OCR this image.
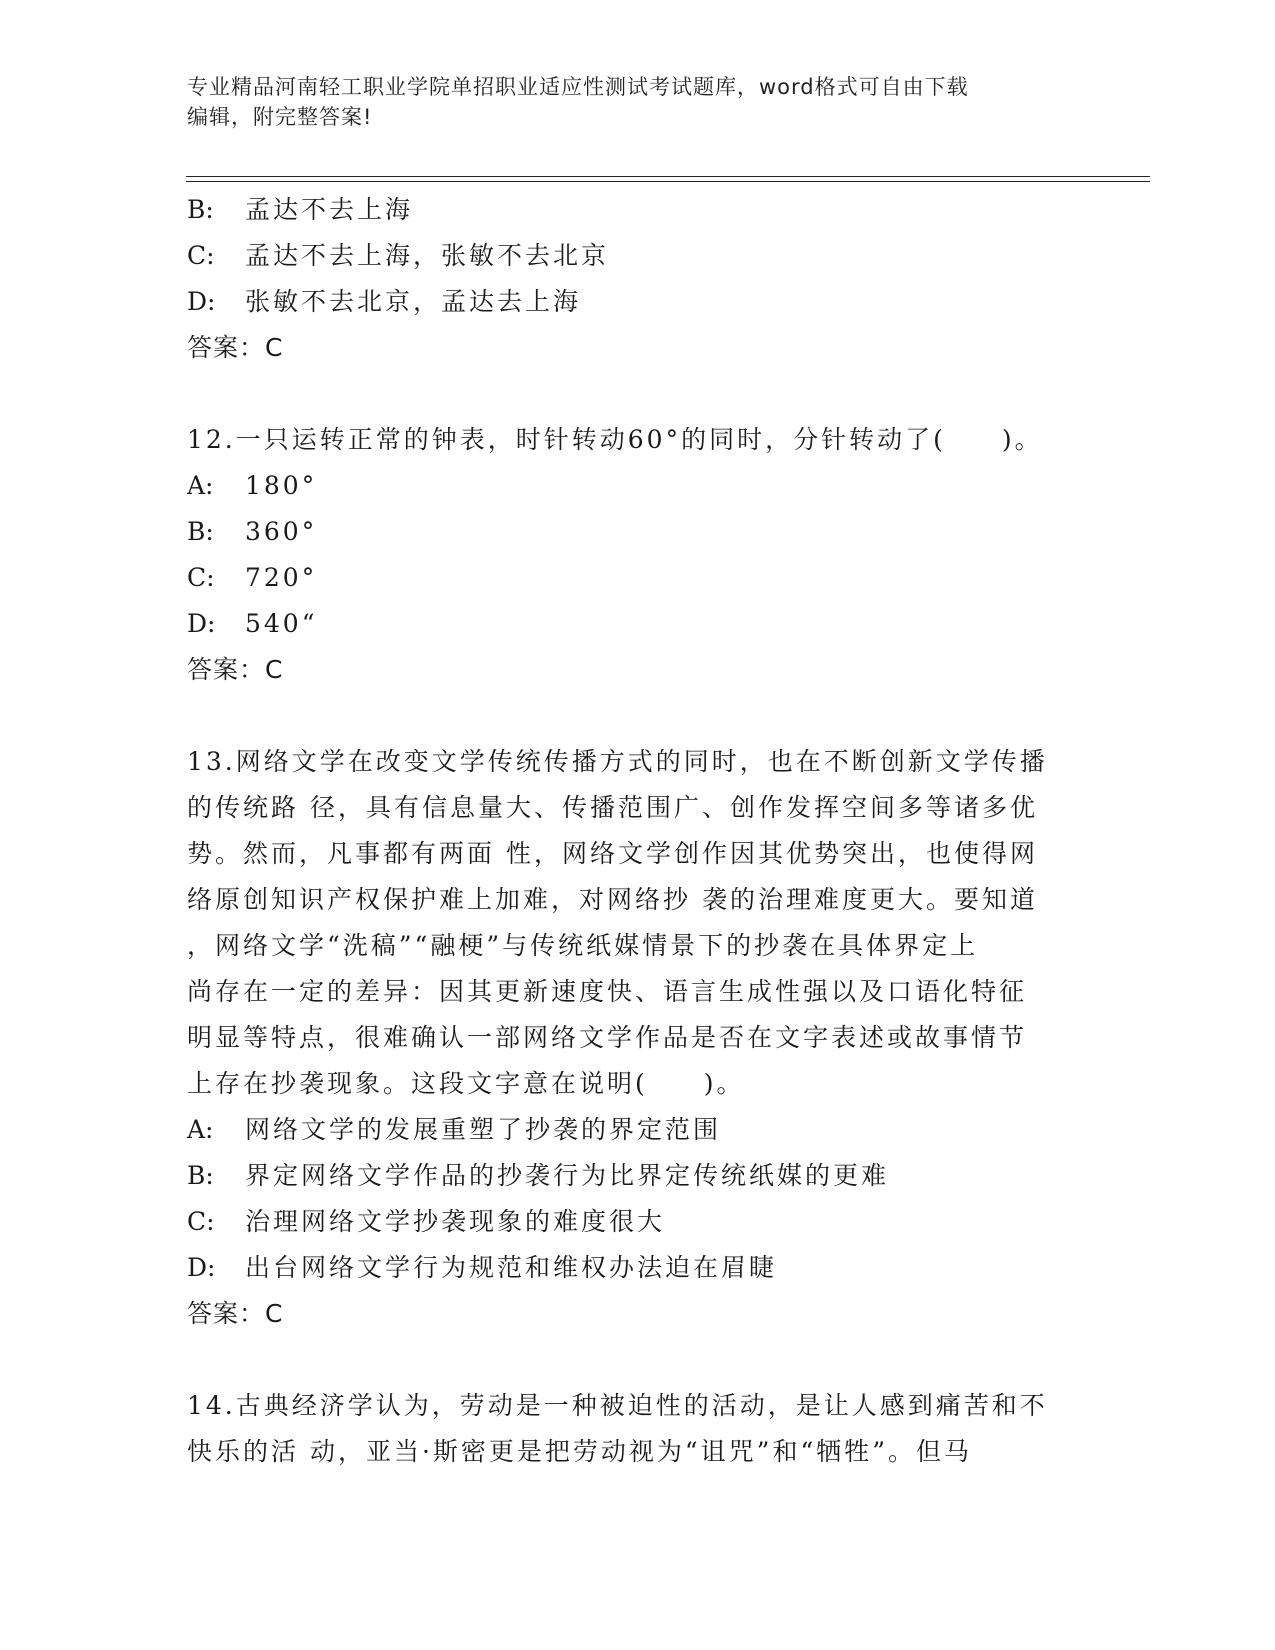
专业精品河南轻工职业学院单招职业适应性测试考试题库，word格式可自由下载
编辑，附完整答案!
B: 孟达不去上海
C: 孟达不去上海，张敏不去北京
D: 张敏不去北京，孟达去上海
答案：C
12.一只运转正常的钟表，时针转动60°的同时，分针转动了(　　)。
A: 180°
B: 360°
C: 720°
D: 540“
答案：C
13.网络文学在改变文学传统传播方式的同时，也在不断创新文学传播
的传统路 径，具有信息量大、传播范围广、创作发挥空间多等诸多优
势。然而，凡事都有两面 性，网络文学创作因其优势突出，也使得网
络原创知识产权保护难上加难，对网络抄 袭的治理难度更大。要知道
，网络文学“洗稿”“融梗”与传统纸媒情景下的抄袭在具体界定上
尚存在一定的差异：因其更新速度快、语言生成性强以及口语化特征
明显等特点，很难确认一部网络文学作品是否在文字表述或故事情节
上存在抄袭现象。这段文字意在说明(　　)。
A: 网络文学的发展重塑了抄袭的界定范围
B: 界定网络文学作品的抄袭行为比界定传统纸媒的更难
C: 治理网络文学抄袭现象的难度很大
D: 出台网络文学行为规范和维权办法迫在眉睫
答案：C
14.古典经济学认为，劳动是一种被迫性的活动，是让人感到痛苦和不
快乐的活 动，亚当·斯密更是把劳动视为“诅咒”和“牺牲”。但马
